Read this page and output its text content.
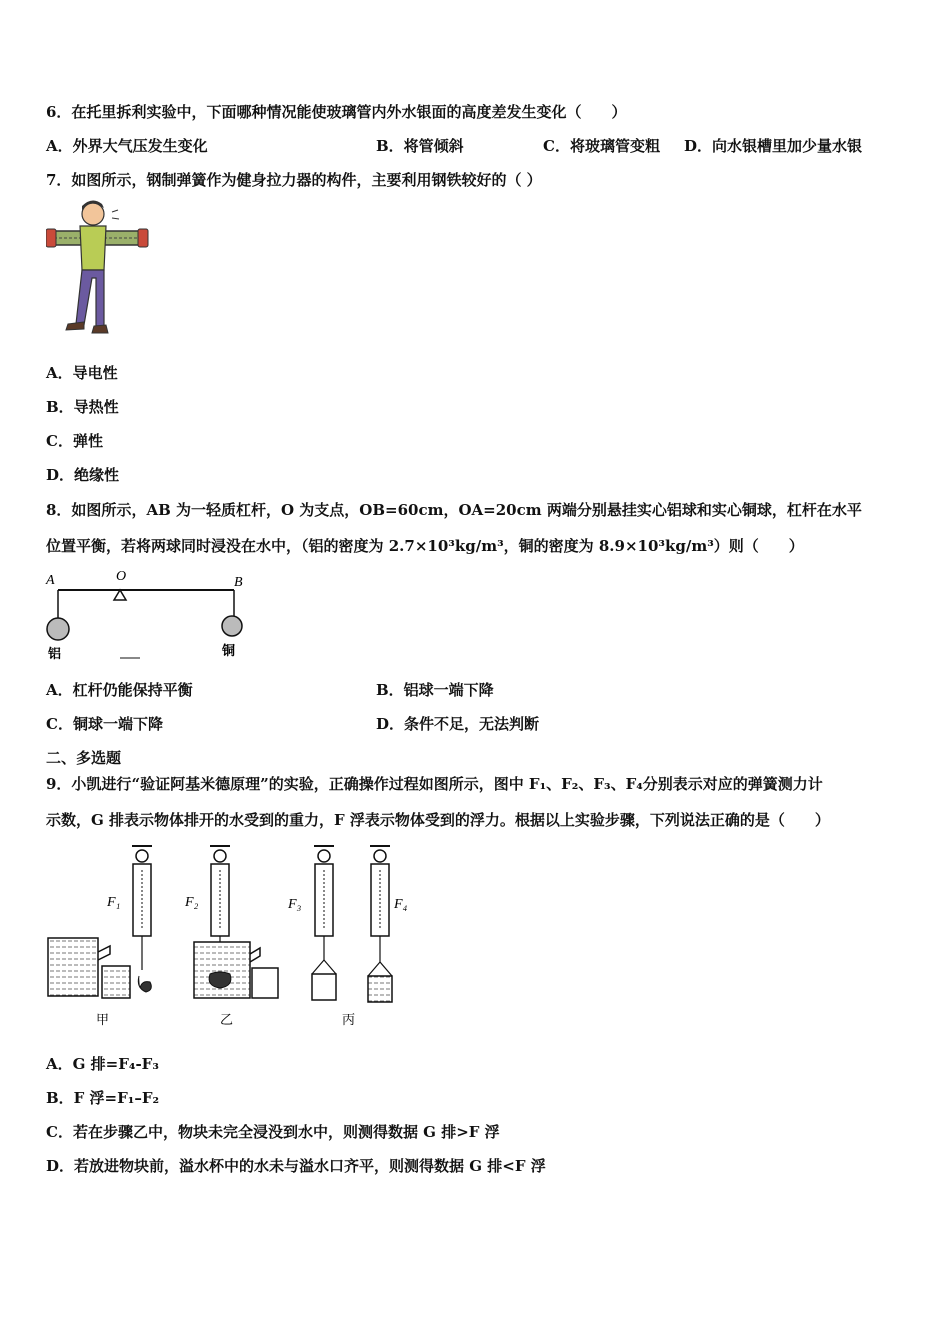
6．在托里拆利实验中，下面哪种情况能使玻璃管内外水银面的高度差发生变化（　　）
A．外界大气压发生变化	B．将管倾斜	C．将玻璃管变粗 D．向水银槽里加少量水银
7．如图所示，钢制弹簧作为健身拉力器的构件，主要利用钢铁较好的（ ）
A．导电性
B．导热性
C．弹性
D．绝缘性
8．如图所示，AB 为一轻质杠杆，O 为支点，OB=60cm，OA=20cm 两端分别悬挂实心铝球和实心铜球，杠杆在水平
位置平衡，若将两球同时浸没在水中，（铝的密度为 2.7×10³kg/m³，铜的密度为 8.9×10³kg/m³）则（　　）
A	O	B
铝	铜
A．杠杆仍能保持平衡	B．铝球一端下降
C．铜球一端下降	D．条件不足，无法判断
二、多选题
9．小凯进行“验证阿基米德原理”的实验，正确操作过程如图所示，图中 F₁、F₂、F₃、F₄分别表示对应的弹簧测力计
示数，G 排表示物体排开的水受到的重力，F 浮表示物体受到的浮力。根据以上实验步骤，下列说法正确的是（　　）
F₁
甲
F₂
乙
F₃
丙
F₄
A．G 排=F₄-F₃
B．F 浮=F₁–F₂
C．若在步骤乙中，物块未完全浸没到水中，则测得数据 G 排>F 浮
D．若放进物块前，溢水杯中的水未与溢水口齐平，则测得数据 G 排<F 浮
